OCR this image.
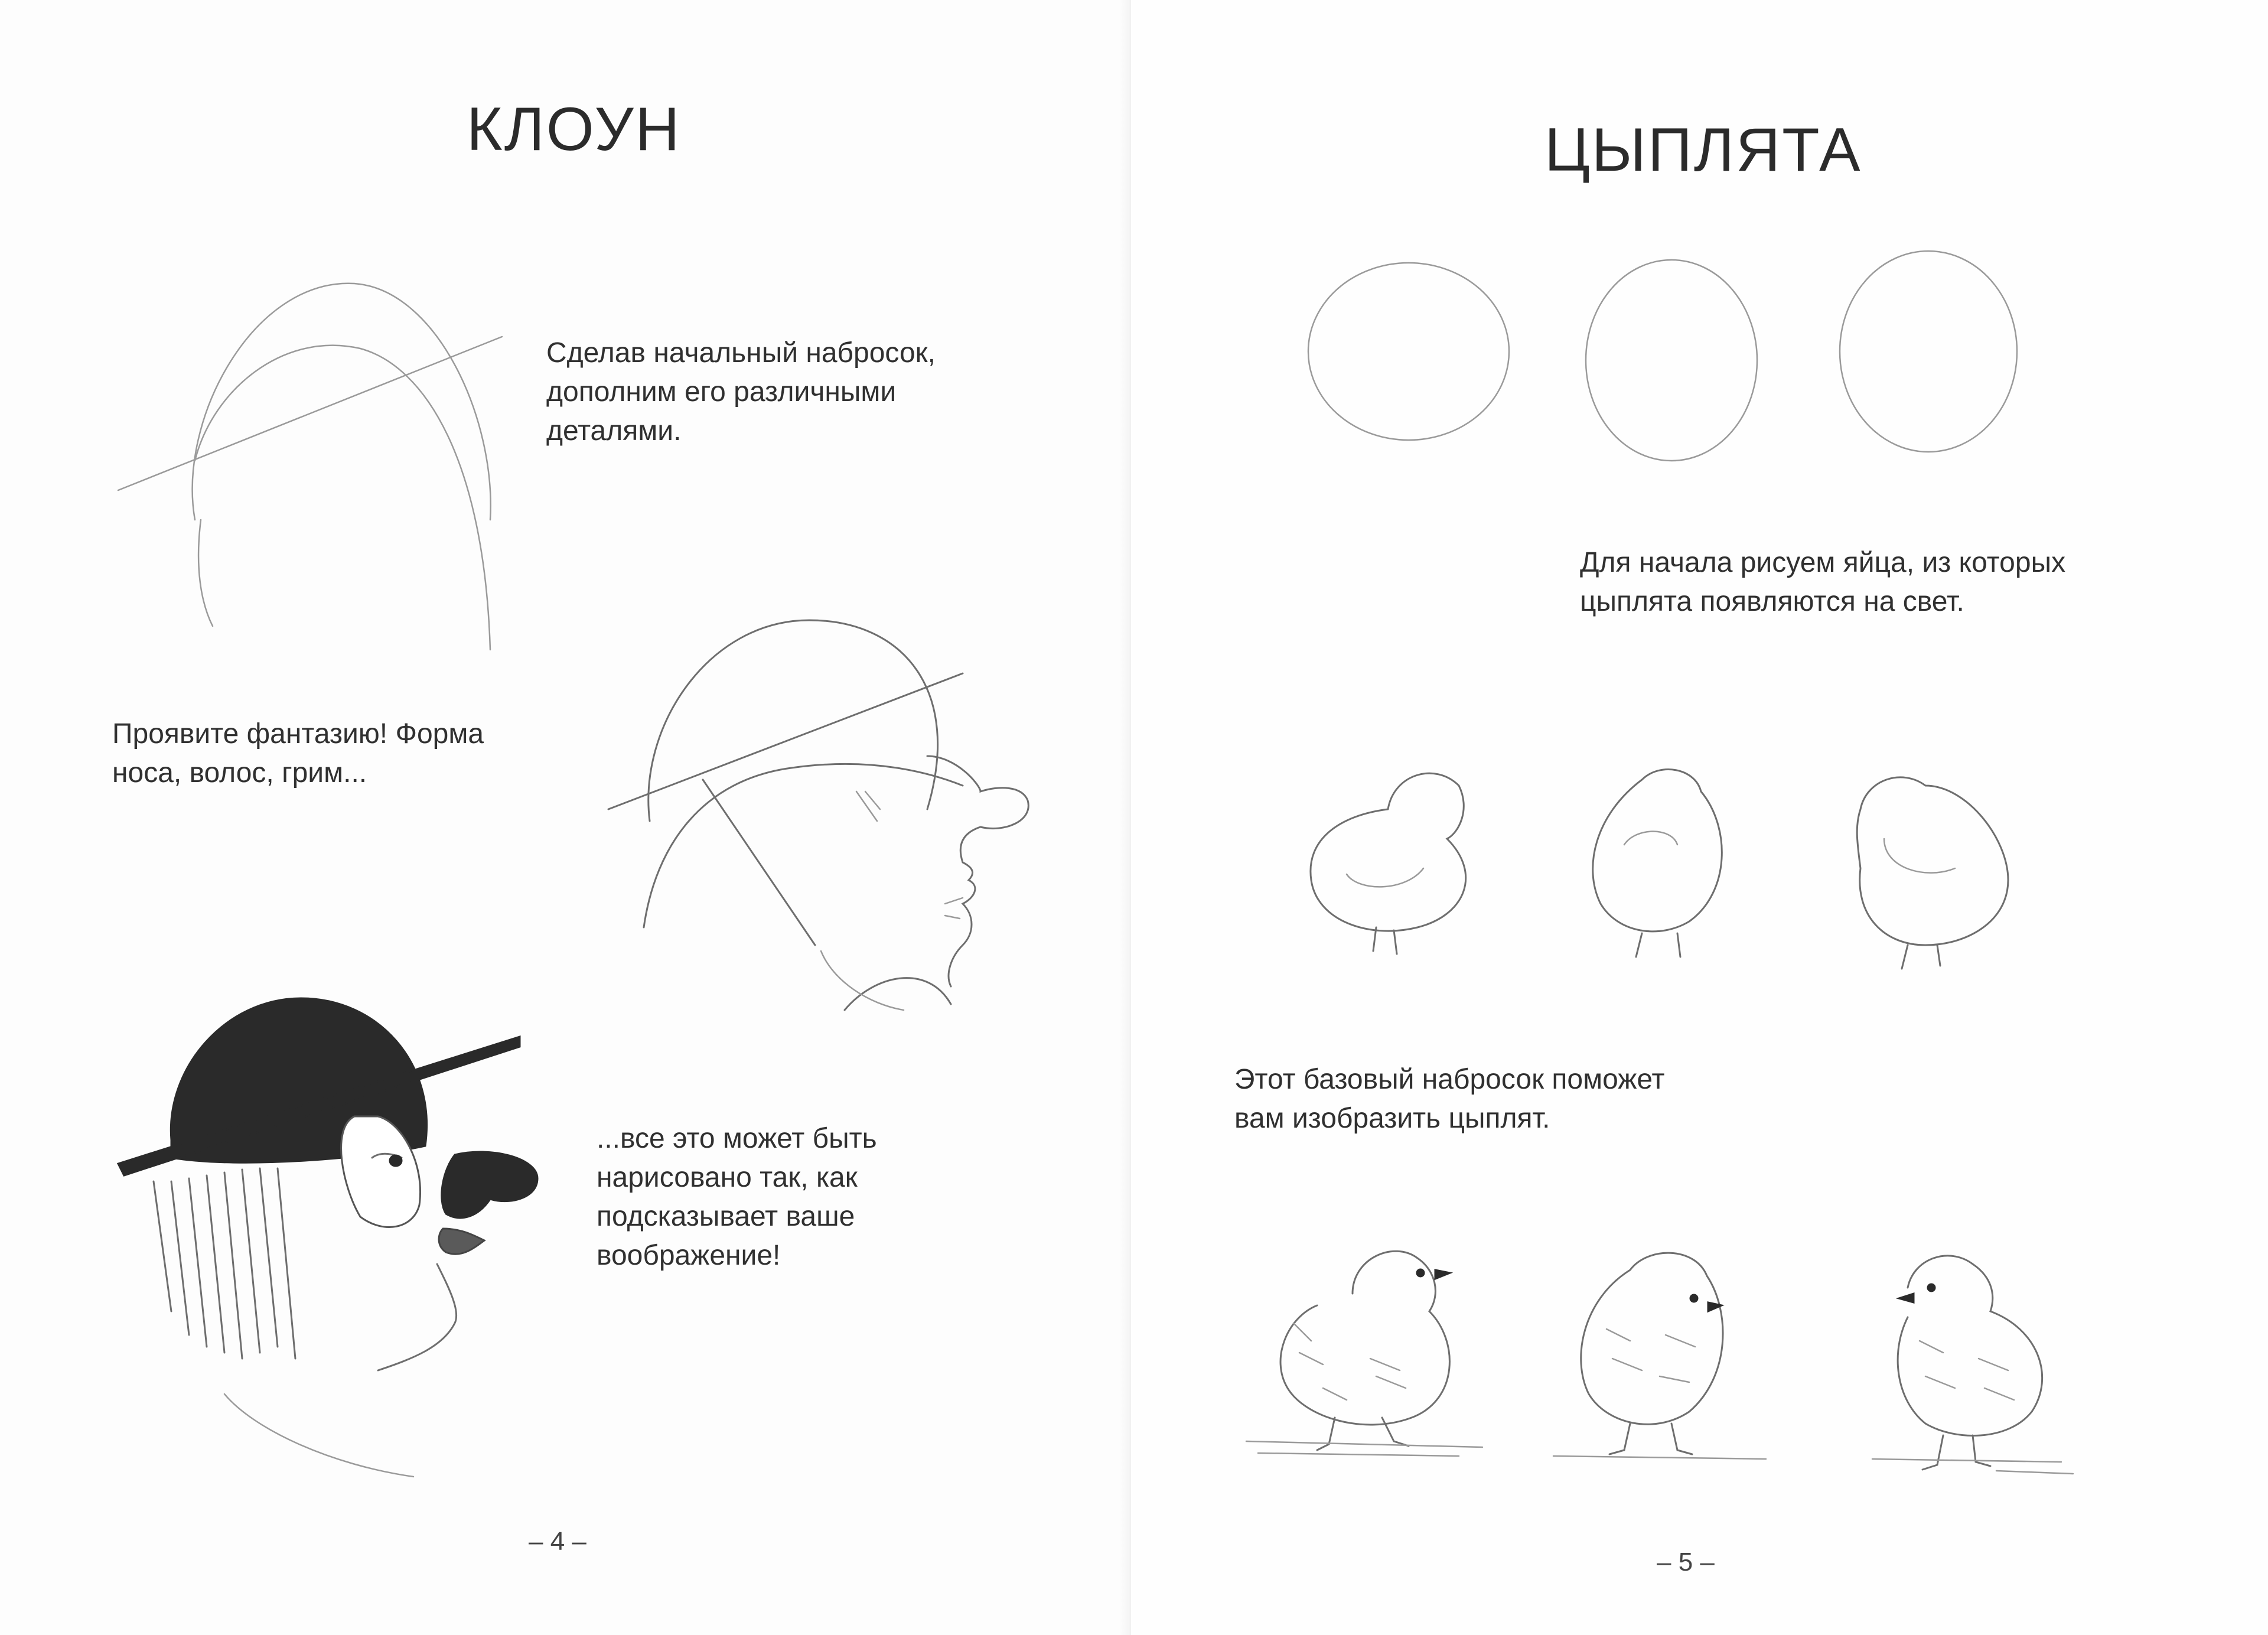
КЛОУН

Сделав начальный набросок,
дополним его различными
деталями.

Проявите фантазию! Форма
носа, волос, грим...

...все это может быть
нарисовано так, как
подсказывает ваше
воображение!

– 4 –
ЦЫПЛЯТА

Для начала рисуем яйца, из которых
цыплята появляются на свет.

Этот базовый набросок поможет
вам изобразить цыплят.

– 5 –
